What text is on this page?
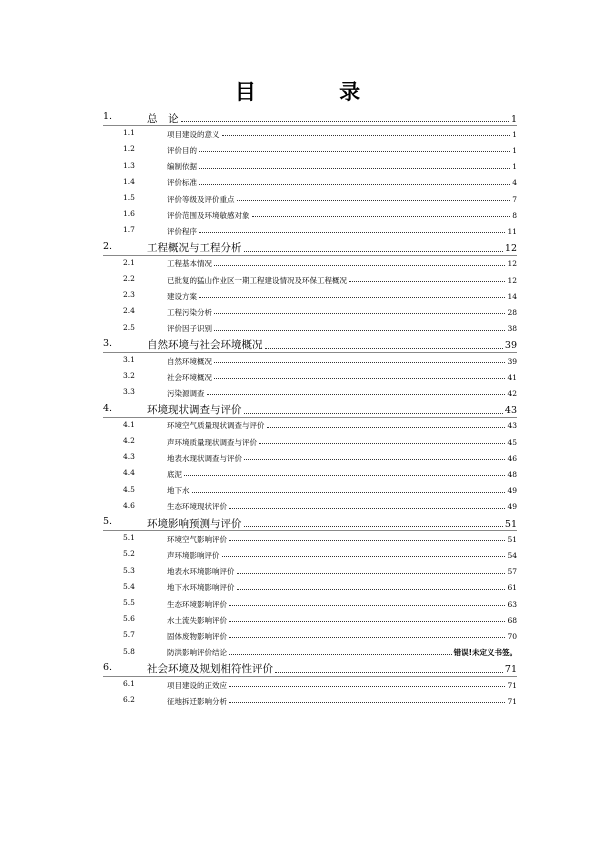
目 录
1.	总　论	1
1.1	项目建设的意义	1
1.2	评价目的	1
1.3	编制依据	1
1.4	评价标准	4
1.5	评价等级及评价重点	7
1.6	评价范围及环境敏感对象	8
1.7	评价程序	11
2.	工程概况与工程分析	12
2.1	工程基本情况	12
2.2	已批复的猛山作业区一期工程建设情况及环保工程概况	12
2.3	建设方案	14
2.4	工程污染分析	28
2.5	评价因子识别	38
3.	自然环境与社会环境概况	39
3.1	自然环境概况	39
3.2	社会环境概况	41
3.3	污染源调查	42
4.	环境现状调查与评价	43
4.1	环境空气质量现状调查与评价	43
4.2	声环境质量现状调查与评价	45
4.3	地表水现状调查与评价	46
4.4	底泥	48
4.5	地下水	49
4.6	生态环境现状评价	49
5.	环境影响预测与评价	51
5.1	环境空气影响评价	51
5.2	声环境影响评价	54
5.3	地表水环境影响评价	57
5.4	地下水环境影响评价	61
5.5	生态环境影响评价	63
5.6	水土流失影响评价	68
5.7	固体废物影响评价	70
5.8	防洪影响评价结论	错误!未定义书签。
6.	社会环境及规划相符性评价	71
6.1	项目建设的正效应	71
6.2	征地拆迁影响分析	71
